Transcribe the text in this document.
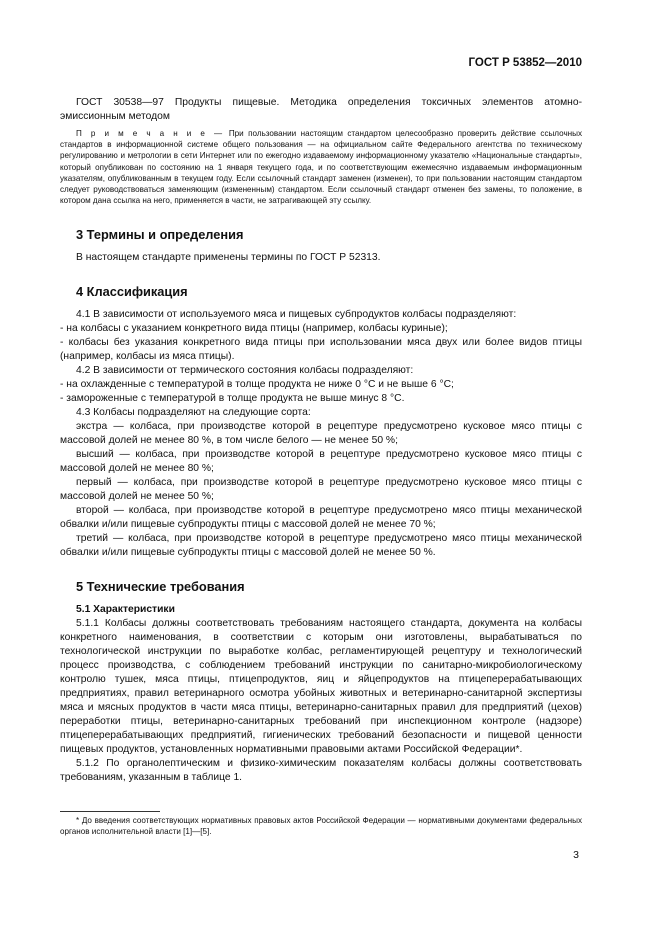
ГОСТ Р 53852—2010

ГОСТ 30538—97 Продукты пищевые. Методика определения токсичных элементов атомно-эмиссионным методом

П р и м е ч а н и е — При пользовании настоящим стандартом целесообразно проверить действие ссылочных стандартов в информационной системе общего пользования — на официальном сайте Федерального агентства по техническому регулированию и метрологии в сети Интернет или по ежегодно издаваемому информационному указателю «Национальные стандарты», который опубликован по состоянию на 1 января текущего года, и по соответствующим ежемесячно издаваемым информационным указателям, опубликованным в текущем году. Если ссылочный стандарт заменен (изменен), то при пользовании настоящим стандартом следует руководствоваться заменяющим (измененным) стандартом. Если ссылочный стандарт отменен без замены, то положение, в котором дана ссылка на него, применяется в части, не затрагивающей эту ссылку.

3 Термины и определения

В настоящем стандарте применены термины по ГОСТ Р 52313.

4 Классификация

4.1 В зависимости от используемого мяса и пищевых субпродуктов колбасы подразделяют:

- на колбасы с указанием конкретного вида птицы (например, колбасы куриные);

- колбасы без указания конкретного вида птицы при использовании мяса двух или более видов птицы (например, колбасы из мяса птицы).

4.2 В зависимости от термического состояния колбасы подразделяют:

- на охлажденные с температурой в толще продукта не ниже 0 °С и не выше 6 °С;

- замороженные с температурой в толще продукта не выше минус 8 °С.

4.3 Колбасы подразделяют на следующие сорта:

экстра — колбаса, при производстве которой в рецептуре предусмотрено кусковое мясо птицы с массовой долей не менее 80 %, в том числе белого — не менее 50 %;

высший — колбаса, при производстве которой в рецептуре предусмотрено кусковое мясо птицы с массовой долей не менее 80 %;

первый — колбаса, при производстве которой в рецептуре предусмотрено кусковое мясо птицы с массовой долей не менее 50 %;

второй — колбаса, при производстве которой в рецептуре предусмотрено мясо птицы механической обвалки и/или пищевые субпродукты птицы с массовой долей не менее 70 %;

третий — колбаса, при производстве которой в рецептуре предусмотрено мясо птицы механической обвалки и/или пищевые субпродукты птицы с массовой долей не менее 50 %.

5 Технические требования
5.1 Характеристики

5.1.1 Колбасы должны соответствовать требованиям настоящего стандарта, документа на колбасы конкретного наименования, в соответствии с которым они изготовлены, вырабатываться по технологической инструкции по выработке колбас, регламентирующей рецептуру и технологический процесс производства, с соблюдением требований инструкции по санитарно-микробиологическому контролю тушек, мяса птицы, птицепродуктов, яиц и яйцепродуктов на птицеперерабатывающих предприятиях, правил ветеринарного осмотра убойных животных и ветеринарно-санитарной экспертизы мяса и мясных продуктов в части мяса птицы, ветеринарно-санитарных правил для предприятий (цехов) переработки птицы, ветеринарно-санитарных требований при инспекционном контроле (надзоре) птицеперерабатывающих предприятий, гигиенических требований безопасности и пищевой ценности пищевых продуктов, установленных нормативными правовыми актами Российской Федерации*.

5.1.2 По органолептическим и физико-химическим показателям колбасы должны соответствовать требованиям, указанным в таблице 1.

* До введения соответствующих нормативных правовых актов Российской Федерации — нормативными документами федеральных органов исполнительной власти [1]—[5].

3
